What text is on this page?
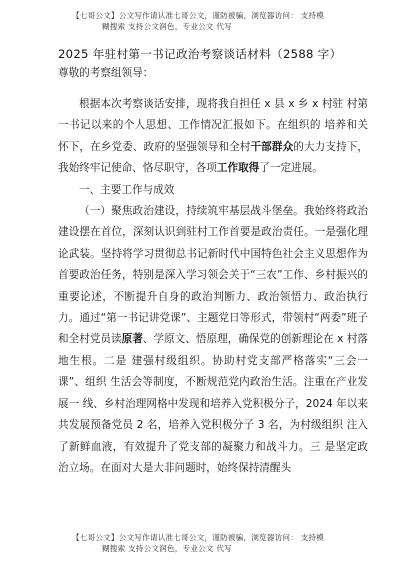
【七哥公文】公文写作请认准七哥公文，谨防被骗，浏览器访问： 支持模
糊搜索 支持公文润色，专业公文 代写
2025 年驻村第一书记政治考察谈话材料（2588 字）
尊敬的考察组领导：

根据本次考察谈话安排，现将我自担任 x 县 x 乡 x 村驻 村第一书记以来的个人思想、工作情况汇报如下。在组织的 培养和关怀下，在乡党委、政府的坚强领导和全村干部群众的大力支持下，我始终牢记使命、恪尽职守，各项工作取得了一定进展。

一、主要工作与成效

（一）聚焦政治建设，持续筑牢基层战斗堡垒。我始终将政治建设摆在首位，深刻认识到驻村工作首要是政治责任。一是强化理论武装。坚持将学习贯彻总书记新时代中国特色社会主义思想作为首要政治任务，特别是深入学习领会关于“三农”工作、乡村振兴的重要论述，不断提升自身的政治判断力、政治领悟力、政治执行力。通过“第一书记讲党课”、主题党日等形式，带领村“两委”班子和全村党员读原著、学原文、悟原理，确保党的创新理论在 x 村落地生根。二是 建强村级组织。协助村党支部严格落实“三会一课”、组织 生活会等制度，不断规范党内政治生活。注重在产业发展一 线、乡村治理网格中发现和培养入党积极分子，2024 年以来 共发展预备党员 2 名，培养入党积极分子 3 名，为村级组织 注入了新鲜血液，有效提升了党支部的凝聚力和战斗力。三 是坚定政治立场。在面对大是大非问题时，始终保持清醒头

【七哥公文】公文写作请认准七哥公文，谨防被骗，浏览器访问： 支持模
糊搜索 支持公文润色，专业公文 代写
